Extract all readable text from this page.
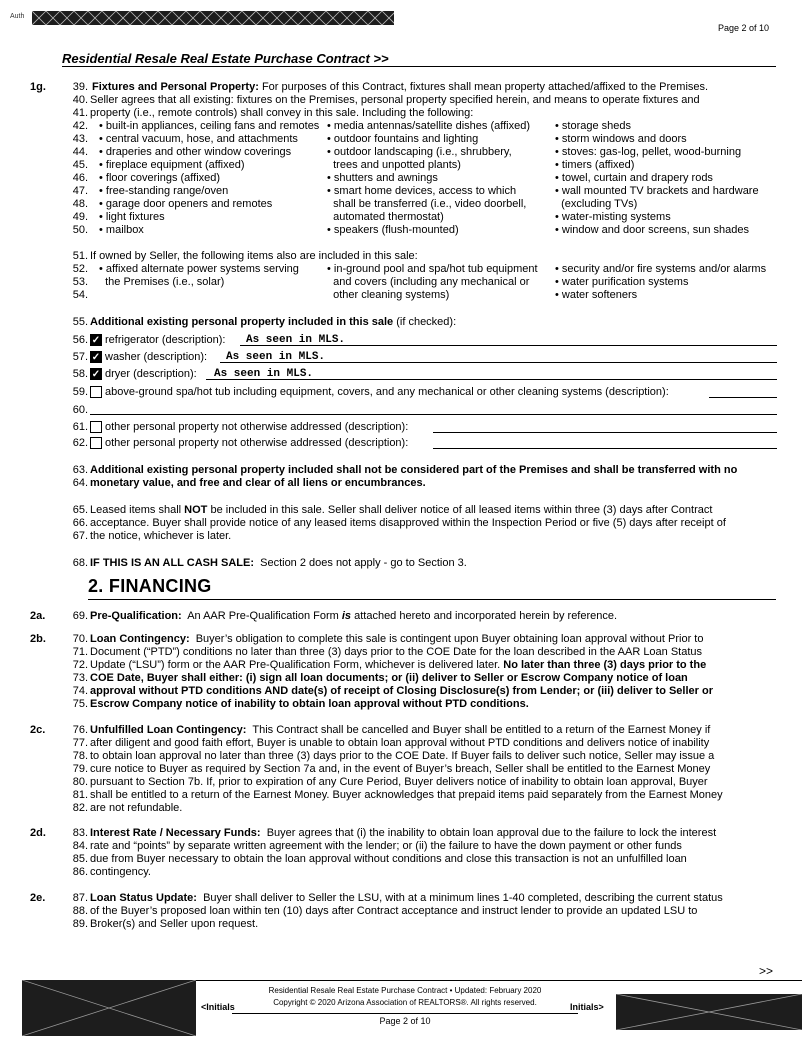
Auth
Page 2 of 10
Residential Resale Real Estate Purchase Contract >>
1g.	39. Fixtures and Personal Property: For purposes of this Contract, fixtures shall mean property attached/affixed to the Premises.
40. Seller agrees that all existing: fixtures on the Premises, personal property specified herein, and means to operate fixtures and
41. property (i.e., remote controls) shall convey in this sale. Including the following:
42. • built-in appliances, ceiling fans and remotes • media antennas/satellite dishes (affixed) • storage sheds
43. • central vacuum, hose, and attachments	• outdoor fountains and lighting	• storm windows and doors
44. • draperies and other window coverings	• outdoor landscaping (i.e., shrubbery,	• stoves: gas-log, pellet, wood-burning
45. • fireplace equipment (affixed)	trees and unpotted plants)	• timers (affixed)
46. • floor coverings (affixed)	• shutters and awnings	• towel, curtain and drapery rods
47. • free-standing range/oven	• smart home devices, access to which	• wall mounted TV brackets and hardware
48. • garage door openers and remotes	shall be transferred (i.e., video doorbell,	(excluding TVs)
49. • light fixtures	automated thermostat)	• water-misting systems
50. • mailbox	• speakers (flush-mounted)	• window and door screens, sun shades
51. If owned by Seller, the following items also are included in this sale:
52. • affixed alternate power systems serving	• in-ground pool and spa/hot tub equipment • security and/or fire systems and/or alarms
53. the Premises (i.e., solar)	and covers (including any mechanical or • water purification systems
54.	other cleaning systems)	• water softeners
55. Additional existing personal property included in this sale (if checked):
56. ✓ refrigerator (description):	As seen in MLS.
57. ✓ washer (description):	As seen in MLS.
58. ✓ dryer (description):	As seen in MLS.
59. above-ground spa/hot tub including equipment, covers, and any mechanical or other cleaning systems (description):
60.
61. other personal property not otherwise addressed (description):
62. other personal property not otherwise addressed (description):
63. Additional existing personal property included shall not be considered part of the Premises and shall be transferred with no
64. monetary value, and free and clear of all liens or encumbrances.
65. Leased items shall NOT be included in this sale. Seller shall deliver notice of all leased items within three (3) days after Contract
66. acceptance. Buyer shall provide notice of any leased items disapproved within the Inspection Period or five (5) days after receipt of
67. the notice, whichever is later.
68. IF THIS IS AN ALL CASH SALE:  Section 2 does not apply - go to Section 3.
2. FINANCING
2a.	69. Pre-Qualification:  An AAR Pre-Qualification Form is attached hereto and incorporated herein by reference.
2b.	70. Loan Contingency:  Buyer’s obligation to complete this sale is contingent upon Buyer obtaining loan approval without Prior to
71. Document (“PTD”) conditions no later than three (3) days prior to the COE Date for the loan described in the AAR Loan Status
72. Update (“LSU”) form or the AAR Pre-Qualification Form, whichever is delivered later. No later than three (3) days prior to the
73. COE Date, Buyer shall either: (i) sign all loan documents; or (ii) deliver to Seller or Escrow Company notice of loan
74. approval without PTD conditions AND date(s) of receipt of Closing Disclosure(s) from Lender; or (iii) deliver to Seller or
75. Escrow Company notice of inability to obtain loan approval without PTD conditions.
2c.	76. Unfulfilled Loan Contingency:  This Contract shall be cancelled and Buyer shall be entitled to a return of the Earnest Money if
77. after diligent and good faith effort, Buyer is unable to obtain loan approval without PTD conditions and delivers notice of inability
78. to obtain loan approval no later than three (3) days prior to the COE Date. If Buyer fails to deliver such notice, Seller may issue a
79. cure notice to Buyer as required by Section 7a and, in the event of Buyer’s breach, Seller shall be entitled to the Earnest Money
80. pursuant to Section 7b. If, prior to expiration of any Cure Period, Buyer delivers notice of inability to obtain loan approval, Buyer
81. shall be entitled to a return of the Earnest Money. Buyer acknowledges that prepaid items paid separately from the Earnest Money
82. are not refundable.
2d.	83. Interest Rate / Necessary Funds:  Buyer agrees that (i) the inability to obtain loan approval due to the failure to lock the interest
84. rate and “points” by separate written agreement with the lender; or (ii) the failure to have the down payment or other funds
85. due from Buyer necessary to obtain the loan approval without conditions and close this transaction is not an unfulfilled loan
86. contingency.
2e.	87. Loan Status Update:  Buyer shall deliver to Seller the LSU, with at a minimum lines 1-40 completed, describing the current status
88. of the Buyer’s proposed loan within ten (10) days after Contract acceptance and instruct lender to provide an updated LSU to
89. Broker(s) and Seller upon request.
>>
<Initials
Residential Resale Real Estate Purchase Contract • Updated: February 2020
Copyright © 2020 Arizona Association of REALTORS®. All rights reserved.
Page 2 of 10
Initials>
